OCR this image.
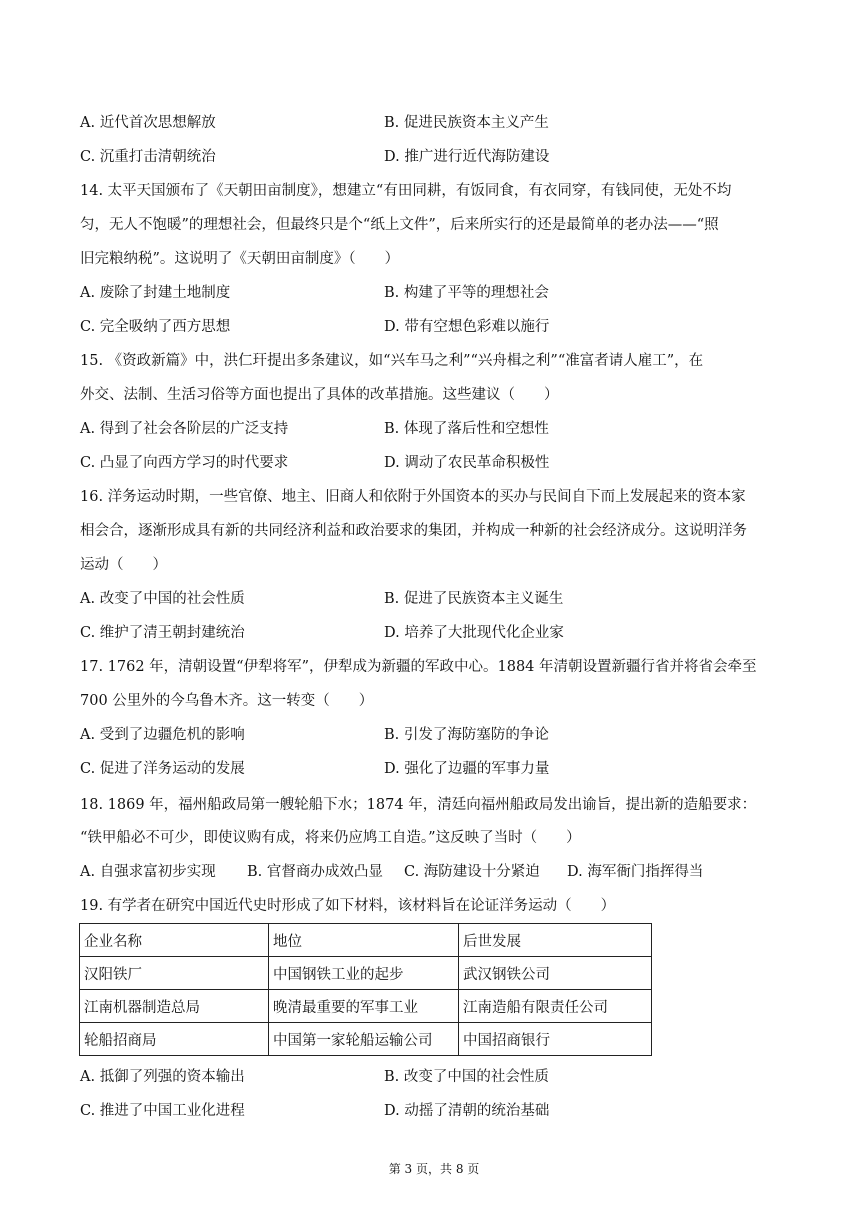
A. 近代首次思想解放	B. 促进民族资本主义产生
C. 沉重打击清朝统治	D. 推广进行近代海防建设
14. 太平天国颁布了《天朝田亩制度》，想建立“有田同耕，有饭同食，有衣同穿，有钱同使，无处不均
匀，无人不饱暖”的理想社会，但最终只是个“纸上文件”，后来所实行的还是最简单的老办法——“照
旧完粮纳税”。这说明了《天朝田亩制度》（　　）
A. 废除了封建土地制度	B. 构建了平等的理想社会
C. 完全吸纳了西方思想	D. 带有空想色彩难以施行
15. 《资政新篇》中，洪仁玕提出多条建议，如“兴车马之利”“兴舟楫之利”“准富者请人雇工”，在
外交、法制、生活习俗等方面也提出了具体的改革措施。这些建议（　　）
A. 得到了社会各阶层的广泛支持	B. 体现了落后性和空想性
C. 凸显了向西方学习的时代要求	D. 调动了农民革命积极性
16. 洋务运动时期，一些官僚、地主、旧商人和依附于外国资本的买办与民间自下而上发展起来的资本家
相会合，逐渐形成具有新的共同经济利益和政治要求的集团，并构成一种新的社会经济成分。这说明洋务
运动（　　）
A. 改变了中国的社会性质	B. 促进了民族资本主义诞生
C. 维护了清王朝封建统治	D. 培养了大批现代化企业家
17. 1762 年，清朝设置“伊犁将军”，伊犁成为新疆的军政中心。1884 年清朝设置新疆行省并将省会牵至
700 公里外的今乌鲁木齐。这一转变（　　）
A. 受到了边疆危机的影响	B. 引发了海防塞防的争论
C. 促进了洋务运动的发展	D. 强化了边疆的军事力量
18. 1869 年，福州船政局第一艘轮船下水；1874 年，清廷向福州船政局发出谕旨，提出新的造船要求：
“铁甲船必不可少，即使议购有成，将来仍应鸠工自造。”这反映了当时（　　）
A. 自强求富初步实现 B. 官督商办成效凸显 C. 海防建设十分紧迫 D. 海军衙门指挥得当
19. 有学者在研究中国近代史时形成了如下材料，该材料旨在论证洋务运动（　　）
企业名称	地位	后世发展
汉阳铁厂	中国钢铁工业的起步	武汉钢铁公司
江南机器制造总局	晚清最重要的军事工业	江南造船有限责任公司
轮船招商局	中国第一家轮船运输公司	中国招商银行
A. 抵御了列强的资本输出	B. 改变了中国的社会性质
C. 推进了中国工业化进程	D. 动摇了清朝的统治基础
第 3 页，共 8 页
